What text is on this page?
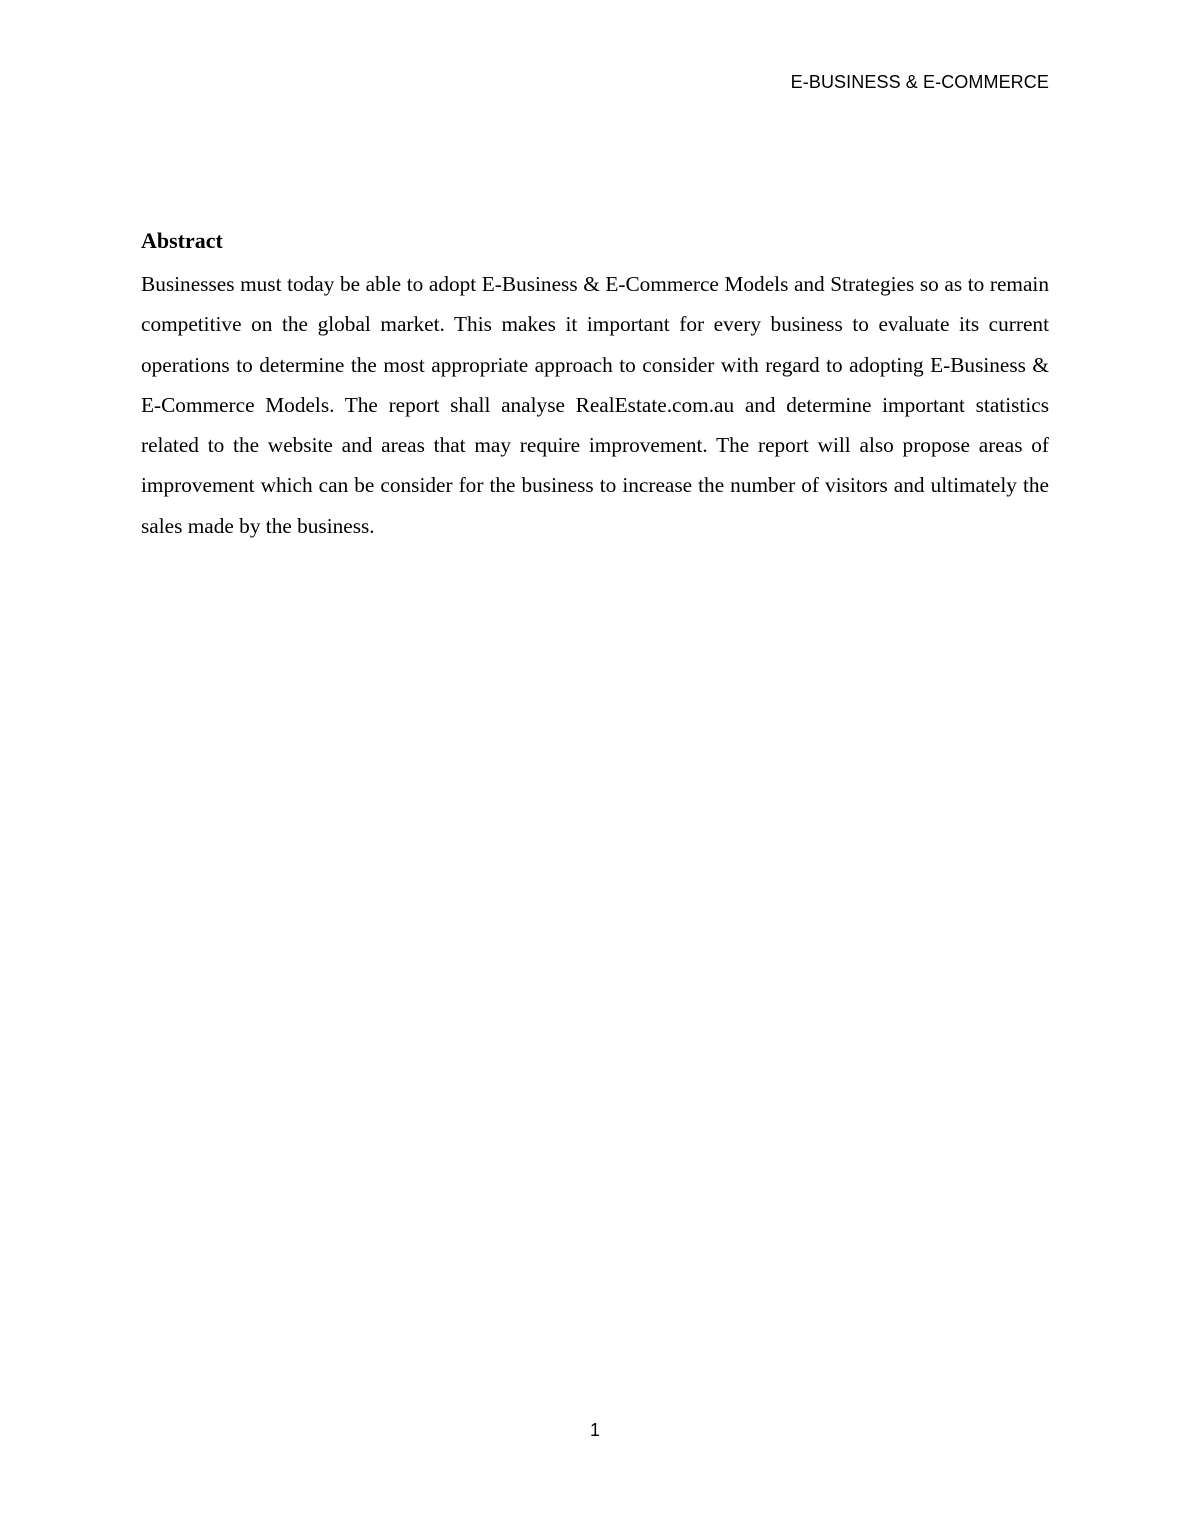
E-BUSINESS & E-COMMERCE
Abstract

Businesses must today be able to adopt E-Business & E-Commerce Models and Strategies so as to remain competitive on the global market. This makes it important for every business to evaluate its current operations to determine the most appropriate approach to consider with regard to adopting E-Business & E-Commerce Models. The report shall analyse RealEstate.com.au and determine important statistics related to the website and areas that may require improvement. The report will also propose areas of improvement which can be consider for the business to increase the number of visitors and ultimately the sales made by the business.

1
